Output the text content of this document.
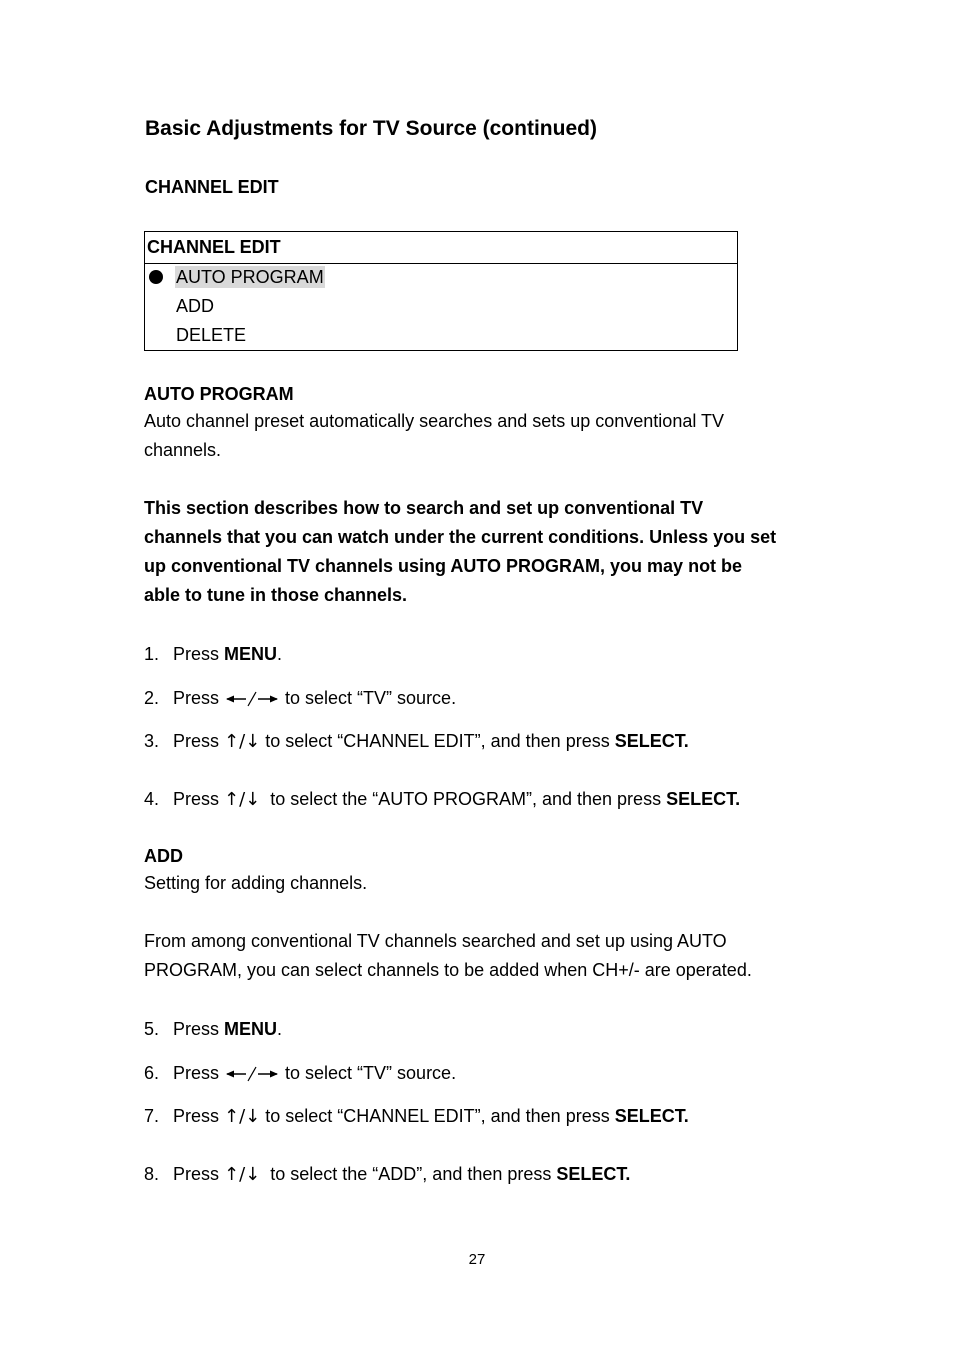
Basic Adjustments for TV Source (continued)
CHANNEL EDIT
CHANNEL EDIT
AUTO PROGRAM
ADD
DELETE
AUTO PROGRAM
Auto channel preset automatically searches and sets up conventional TV
channels.
This section describes how to search and set up conventional TV
channels that you can watch under the current conditions. Unless you set
up conventional TV channels using AUTO PROGRAM, you may not be
able to tune in those channels.
1. Press MENU.
2. Press	to select “TV” source.
3. Press ↑/↓ to select “CHANNEL EDIT”, and then press SELECT.
4. Press ↑/↓  to select the “AUTO PROGRAM”, and then press SELECT.
ADD
Setting for adding channels.
From among conventional TV channels searched and set up using AUTO
PROGRAM, you can select channels to be added when CH+/- are operated.
5. Press MENU.
6. Press	to select “TV” source.
7. Press ↑/↓ to select “CHANNEL EDIT”, and then press SELECT.
8. Press ↑/↓  to select the “ADD”, and then press SELECT.
27
